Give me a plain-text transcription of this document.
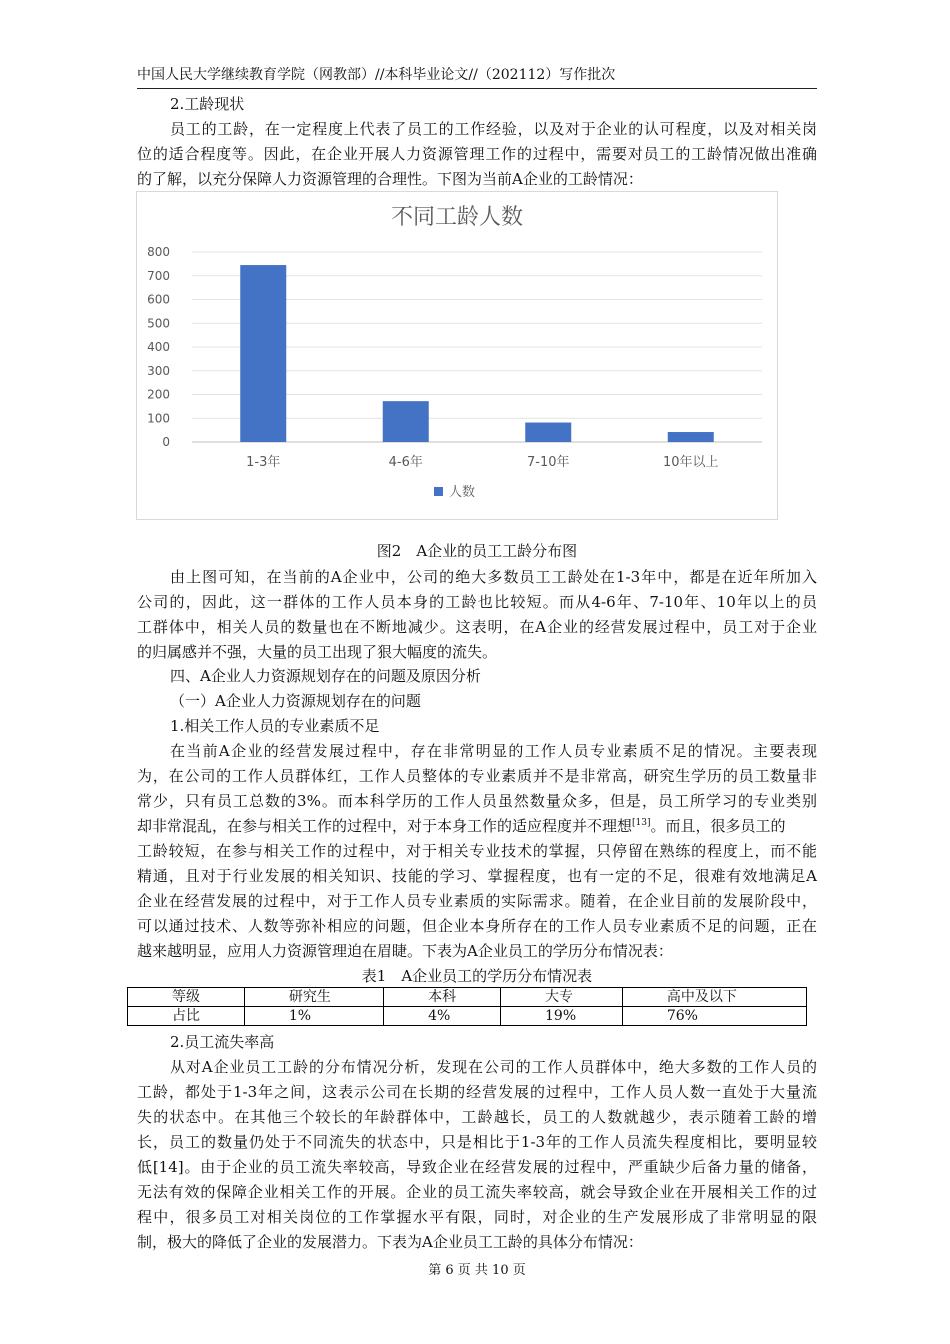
中国人民大学继续教育学院（网教部）//本科毕业论文//（202112）写作批次
2.工龄现状
员工的工龄，在一定程度上代表了员工的工作经验，以及对于企业的认可程度，以及对相关岗
位的适合程度等。因此，在企业开展人力资源管理工作的过程中，需要对员工的工龄情况做出准确
的了解，以充分保障人力资源管理的合理性。下图为当前A企业的工龄情况：
不同工龄人数
0
100
200
300
400
500
600
700
800
1-3年	4-6年	7-10年	10年以上
人数
图2　A企业的员工工龄分布图
由上图可知，在当前的A企业中，公司的绝大多数员工工龄处在1-3年中，都是在近年所加入
公司的，因此，这一群体的工作人员本身的工龄也比较短。而从4-6年、7-10年、10年以上的员
工群体中，相关人员的数量也在不断地减少。这表明，在A企业的经营发展过程中，员工对于企业
的归属感并不强，大量的员工出现了狠大幅度的流失。
四、A企业人力资源规划存在的问题及原因分析
（一）A企业人力资源规划存在的问题
1.相关工作人员的专业素质不足
在当前A企业的经营发展过程中，存在非常明显的工作人员专业素质不足的情况。主要表现
为，在公司的工作人员群体红，工作人员整体的专业素质并不是非常高，研究生学历的员工数量非
常少，只有员工总数的3%。而本科学历的工作人员虽然数量众多，但是，员工所学习的专业类别
却非常混乱，在参与相关工作的过程中，对于本身工作的适应程度并不理想[13]。而且，很多员工的
工龄较短，在参与相关工作的过程中，对于相关专业技术的掌握，只停留在熟练的程度上，而不能
精通，且对于行业发展的相关知识、技能的学习、掌握程度，也有一定的不足，很难有效地满足A
企业在经营发展的过程中，对于工作人员专业素质的实际需求。随着，在企业目前的发展阶段中，
可以通过技术、人数等弥补相应的问题，但企业本身所存在的工作人员专业素质不足的问题，正在
越来越明显，应用人力资源管理迫在眉睫。下表为A企业员工的学历分布情况表：
表1　A企业员工的学历分布情况表
等级	研究生	本科	大专	高中及以下
占比	1%	4%	19%	76%
2.员工流失率高
从对A企业员工工龄的分布情况分析，发现在公司的工作人员群体中，绝大多数的工作人员的
工龄，都处于1-3年之间，这表示公司在长期的经营发展的过程中，工作人员人数一直处于大量流
失的状态中。在其他三个较长的年龄群体中，工龄越长，员工的人数就越少，表示随着工龄的增
长，员工的数量仍处于不同流失的状态中，只是相比于1-3年的工作人员流失程度相比，要明显较
低[14]。由于企业的员工流失率较高，导致企业在经营发展的过程中，严重缺少后备力量的储备，
无法有效的保障企业相关工作的开展。企业的员工流失率较高，就会导致企业在开展相关工作的过
程中，很多员工对相关岗位的工作掌握水平有限，同时，对企业的生产发展形成了非常明显的限
制，极大的降低了企业的发展潜力。下表为A企业员工工龄的具体分布情况：
第 6 页 共 10 页
